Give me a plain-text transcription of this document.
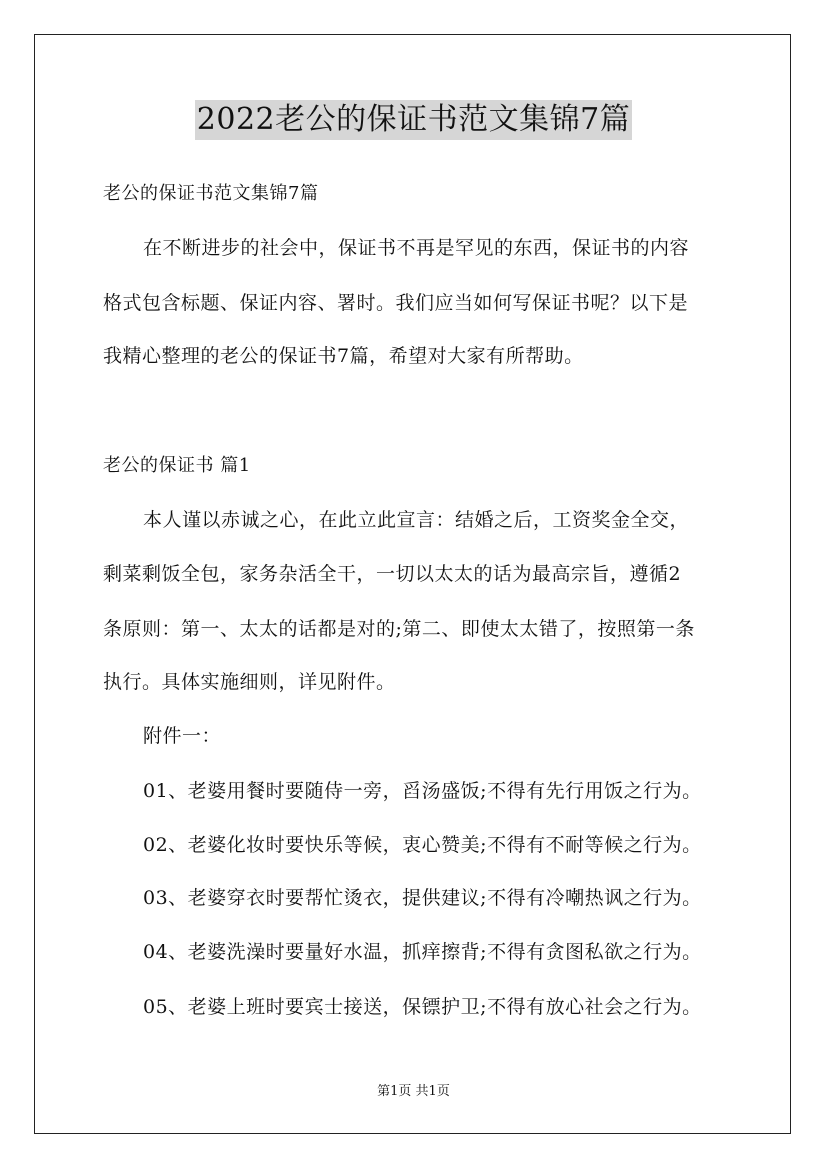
2022老公的保证书范文集锦7篇
老公的保证书范文集锦7篇
在不断进步的社会中，保证书不再是罕见的东西，保证书的内容
格式包含标题、保证内容、署时。我们应当如何写保证书呢？以下是
我精心整理的老公的保证书7篇，希望对大家有所帮助。
老公的保证书 篇1
本人谨以赤诚之心，在此立此宣言：结婚之后，工资奖金全交，
剩菜剩饭全包，家务杂活全干，一切以太太的话为最高宗旨，遵循2
条原则：第一、太太的话都是对的;第二、即使太太错了，按照第一条
执行。具体实施细则，详见附件。
附件一：
01、老婆用餐时要随侍一旁，舀汤盛饭;不得有先行用饭之行为。
02、老婆化妆时要快乐等候，衷心赞美;不得有不耐等候之行为。
03、老婆穿衣时要帮忙烫衣，提供建议;不得有冷嘲热讽之行为。
04、老婆洗澡时要量好水温，抓痒擦背;不得有贪图私欲之行为。
05、老婆上班时要宾士接送，保镖护卫;不得有放心社会之行为。
第1页 共1页
